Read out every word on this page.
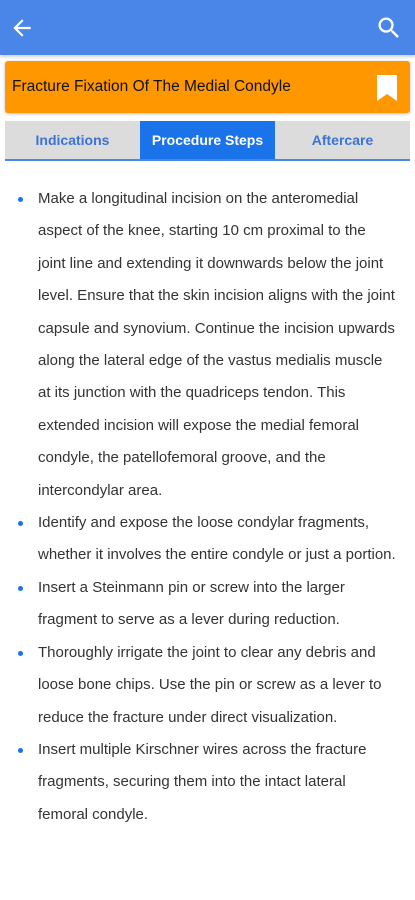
Fracture Fixation Of The Medial Condyle
Indications	Procedure Steps	Aftercare
Make a longitudinal incision on the anteromedial aspect of the knee, starting 10 cm proximal to the joint line and extending it downwards below the joint level. Ensure that the skin incision aligns with the joint capsule and synovium. Continue the incision upwards along the lateral edge of the vastus medialis muscle at its junction with the quadriceps tendon. This extended incision will expose the medial femoral condyle, the patellofemoral groove, and the intercondylar area.
Identify and expose the loose condylar fragments, whether it involves the entire condyle or just a portion.
Insert a Steinmann pin or screw into the larger fragment to serve as a lever during reduction.
Thoroughly irrigate the joint to clear any debris and loose bone chips. Use the pin or screw as a lever to reduce the fracture under direct visualization.
Insert multiple Kirschner wires across the fracture fragments, securing them into the intact lateral femoral condyle.
